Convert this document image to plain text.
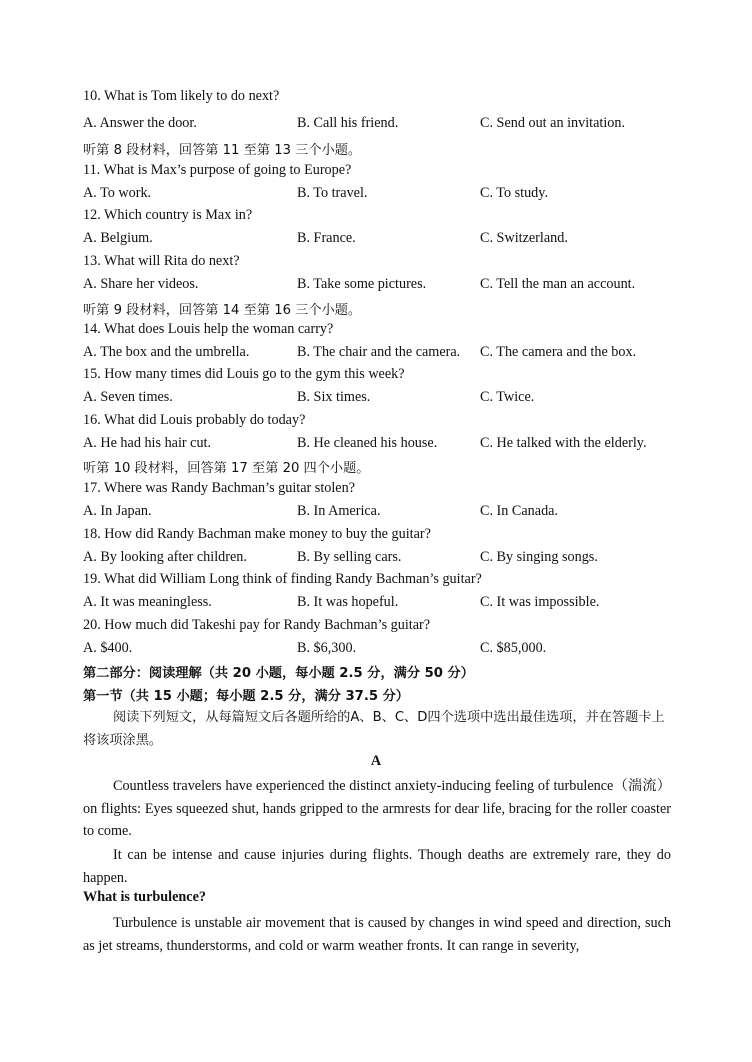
10. What is Tom likely to do next?
A. Answer the door.	B. Call his friend.	C. Send out an invitation.
听第 8 段材料，回答第 11 至第 13 三个小题。
11. What is Max’s purpose of going to Europe?
A. To work.	B. To travel.	C. To study.
12. Which country is Max in?
A. Belgium.	B. France.	C. Switzerland.
13. What will Rita do next?
A. Share her videos.	B. Take some pictures.	C. Tell the man an account.
听第 9 段材料，回答第 14 至第 16 三个小题。
14. What does Louis help the woman carry?
A. The box and the umbrella.	B. The chair and the camera. C. The camera and the box.
15. How many times did Louis go to the gym this week?
A. Seven times.	B. Six times.	C. Twice.
16. What did Louis probably do today?
A. He had his hair cut.	B. He cleaned his house.	C. He talked with the elderly.
听第 10 段材料，回答第 17 至第 20 四个小题。
17. Where was Randy Bachman’s guitar stolen?
A. In Japan.	B. In America.	C. In Canada.
18. How did Randy Bachman make money to buy the guitar?
A. By looking after children.	B. By selling cars.	C. By singing songs.
19. What did William Long think of finding Randy Bachman’s guitar?
A. It was meaningless.	B. It was hopeful.	C. It was impossible.
20. How much did Takeshi pay for Randy Bachman’s guitar?
A. $400.	B. $6,300.	C. $85,000.
第二部分：阅读理解（共 20 小题，每小题 2.5 分，满分 50 分）
第一节（共 15 小题；每小题 2.5 分，满分 37.5 分）
阅读下列短文，从每篇短文后各题所给的A、B、C、D四个选项中选出最佳选项，并在答题卡上将该项涂黑。
A
Countless travelers have experienced the distinct anxiety-inducing feeling of turbulence（湍流） on flights: Eyes squeezed shut, hands gripped to the armrests for dear life, bracing for the roller coaster to come.
It can be intense and cause injuries during flights. Though deaths are extremely rare, they do happen.
What is turbulence?
Turbulence is unstable air movement that is caused by changes in wind speed and direction, such as jet streams, thunderstorms, and cold or warm weather fronts. It can range in severity,
